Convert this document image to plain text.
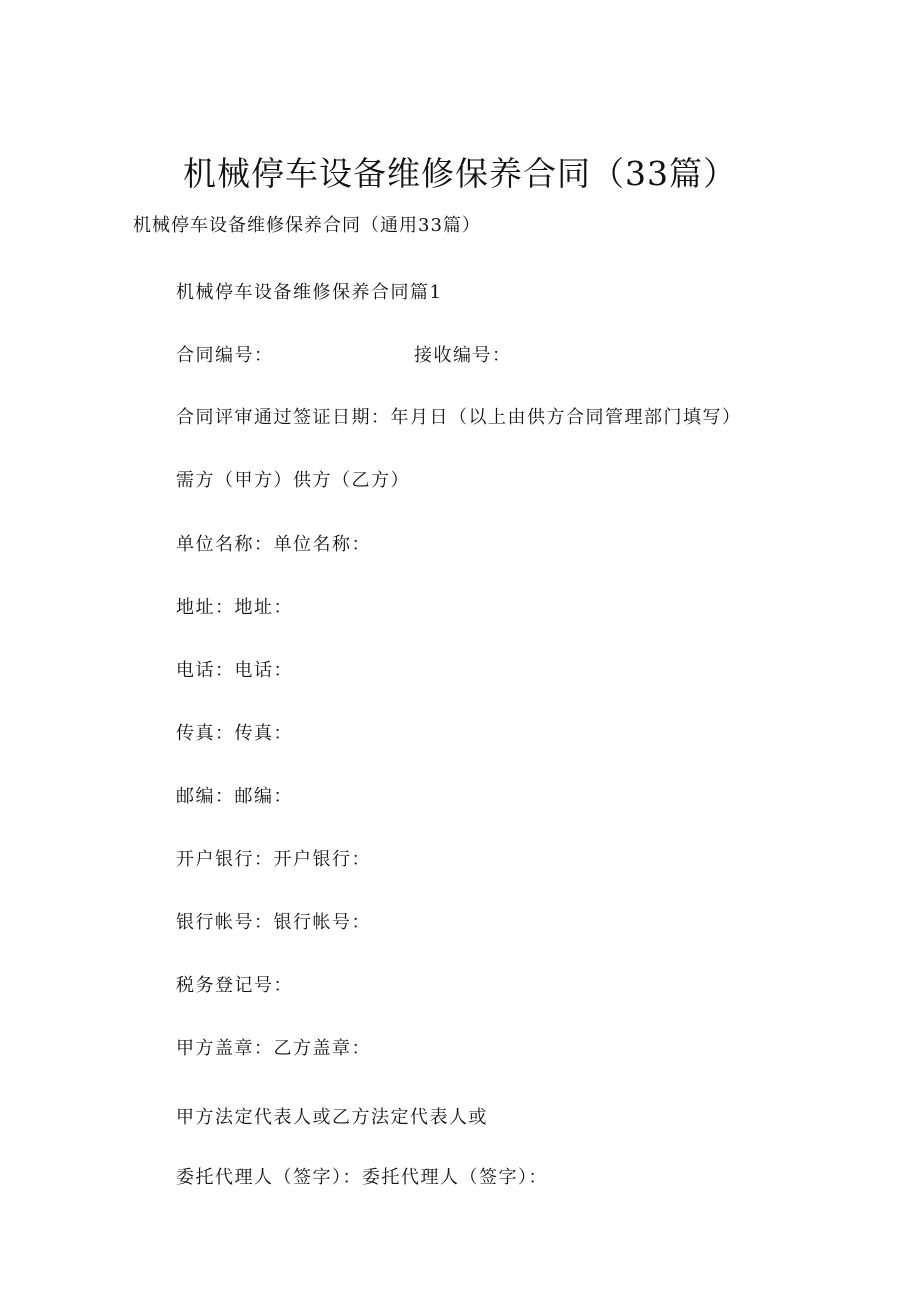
机械停车设备维修保养合同（33篇）
机械停车设备维修保养合同（通用33篇）
机械停车设备维修保养合同篇1
合同编号：	接收编号：
合同评审通过签证日期：年月日（以上由供方合同管理部门填写）
需方（甲方）供方（乙方）
单位名称：单位名称：
地址：地址：
电话：电话：
传真：传真：
邮编：邮编：
开户银行：开户银行：
银行帐号：银行帐号：
税务登记号：
甲方盖章：乙方盖章：
甲方法定代表人或乙方法定代表人或
委托代理人（签字）：委托代理人（签字）：
